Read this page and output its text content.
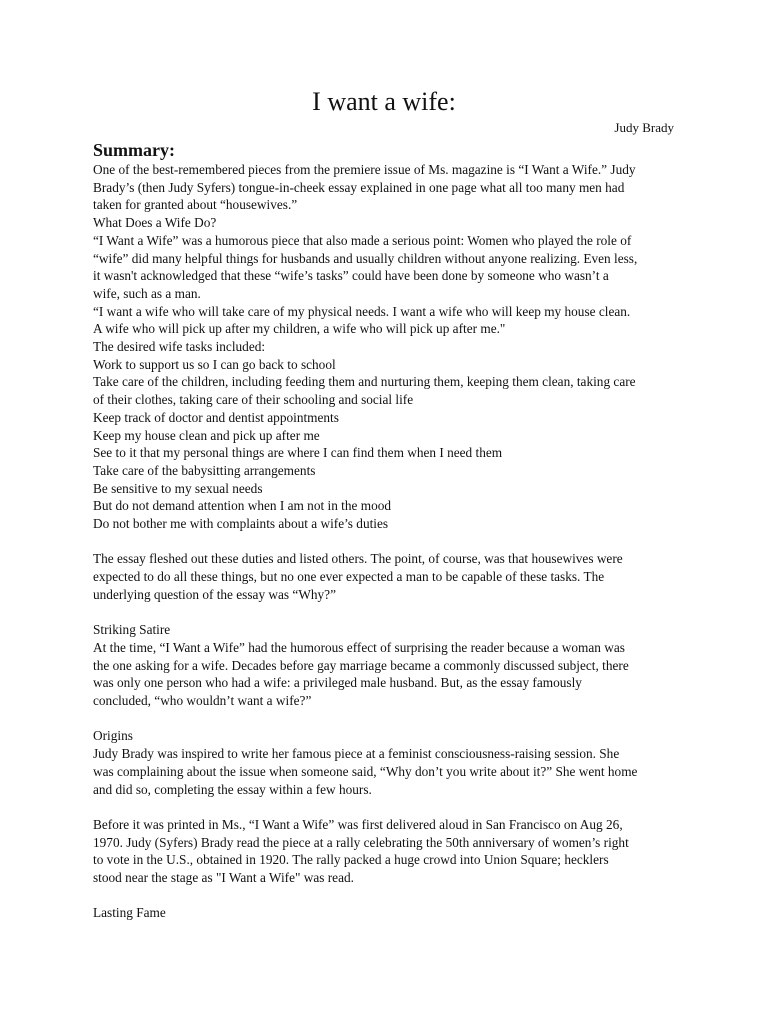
I want a wife:

Judy Brady

Summary:

One of the best-remembered pieces from the premiere issue of Ms. magazine is “I Want a Wife.” Judy

Brady’s (then Judy Syfers) tongue-in-cheek essay explained in one page what all too many men had

taken for granted about “housewives.”

What Does a Wife Do?

“I Want a Wife” was a humorous piece that also made a serious point: Women who played the role of

“wife” did many helpful things for husbands and usually children without anyone realizing. Even less,

it wasn't acknowledged that these “wife’s tasks” could have been done by someone who wasn’t a

wife, such as a man.

“I want a wife who will take care of my physical needs. I want a wife who will keep my house clean.

A wife who will pick up after my children, a wife who will pick up after me."

The desired wife tasks included:

Work to support us so I can go back to school

Take care of the children, including feeding them and nurturing them, keeping them clean, taking care

of their clothes, taking care of their schooling and social life

Keep track of doctor and dentist appointments

Keep my house clean and pick up after me

See to it that my personal things are where I can find them when I need them

Take care of the babysitting arrangements

Be sensitive to my sexual needs

But do not demand attention when I am not in the mood

Do not bother me with complaints about a wife’s duties

The essay fleshed out these duties and listed others. The point, of course, was that housewives were

expected to do all these things, but no one ever expected a man to be capable of these tasks. The

underlying question of the essay was “Why?”

Striking Satire

At the time, “I Want a Wife” had the humorous effect of surprising the reader because a woman was

the one asking for a wife. Decades before gay marriage became a commonly discussed subject, there

was only one person who had a wife: a privileged male husband. But, as the essay famously

concluded, “who wouldn’t want a wife?”

Origins

Judy Brady was inspired to write her famous piece at a feminist consciousness-raising session. She

was complaining about the issue when someone said, “Why don’t you write about it?” She went home

and did so, completing the essay within a few hours.

Before it was printed in Ms., “I Want a Wife” was first delivered aloud in San Francisco on Aug 26,

1970. Judy (Syfers) Brady read the piece at a rally celebrating the 50th anniversary of women’s right

to vote in the U.S., obtained in 1920. The rally packed a huge crowd into Union Square; hecklers

stood near the stage as "I Want a Wife" was read.

Lasting Fame
